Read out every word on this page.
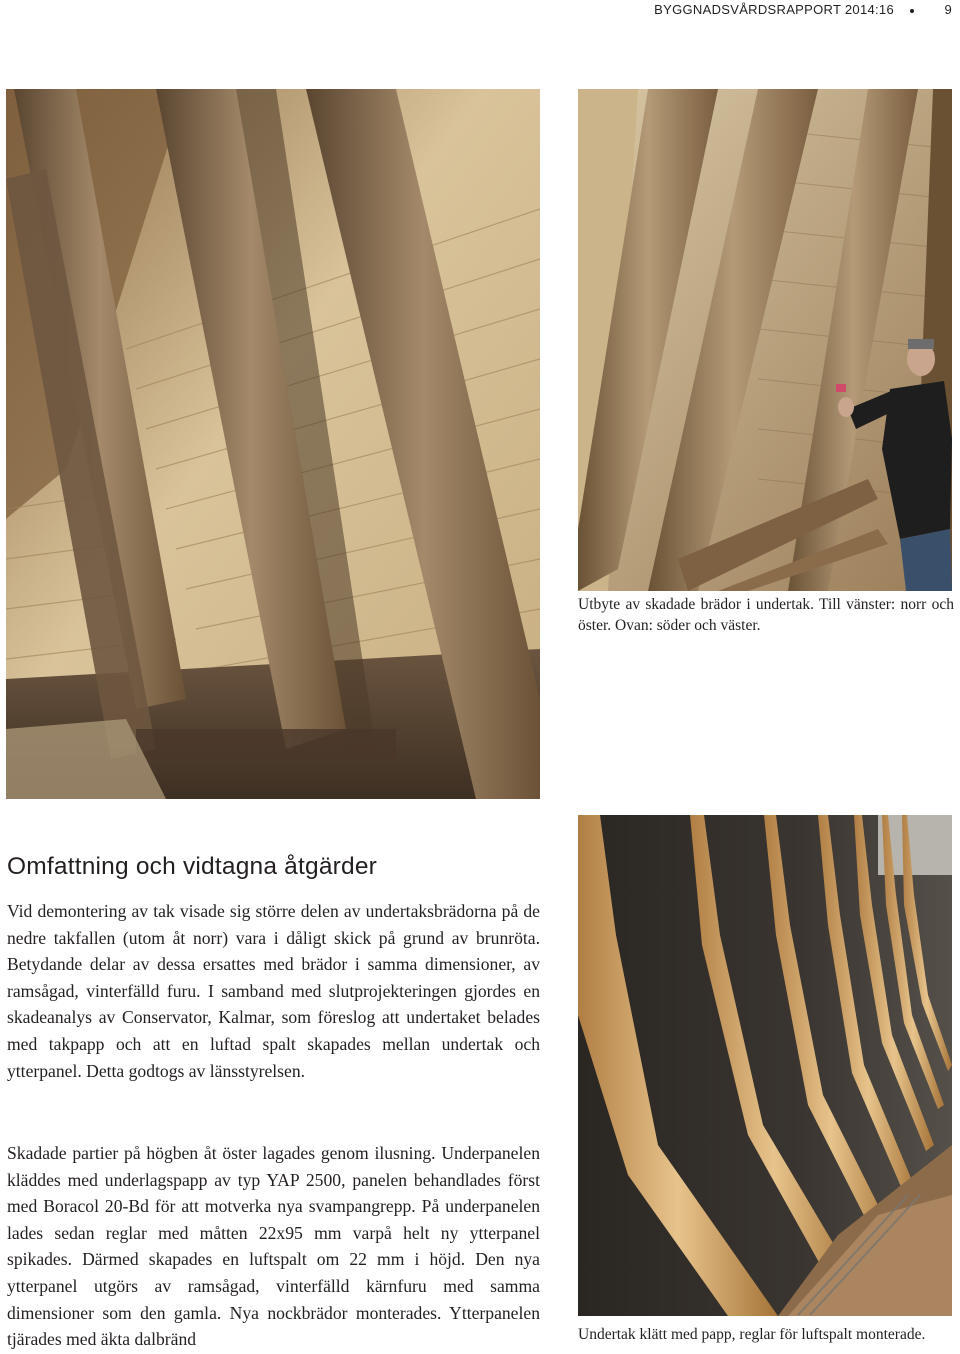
BYGGNADSVÅRDSRAPPORT 2014:16	9

Utbyte av skadade brädor i undertak. Till vänster: norr och öster. Ovan: söder och väster.

Omfattning och vidtagna åtgärder

Vid demontering av tak visade sig större delen av undertaksbrädorna på de nedre takfallen (utom åt norr) vara i dåligt skick på grund av brunröta. Betydande delar av dessa ersattes med brädor i samma dimensioner, av ramsågad, vinterfälld furu. I samband med slutprojekteringen gjordes en skadeanalys av Conservator, Kalmar, som föreslog att undertaket belades med takpapp och att en luftad spalt skapades mellan undertak och ytterpanel. Detta godtogs av länsstyrelsen.

Skadade partier på högben åt öster lagades genom ilusning. Underpanelen kläddes med underlagspapp av typ YAP 2500, panelen behandlades först med Boracol 20-Bd för att motverka nya svampangrepp. På underpanelen lades sedan reglar med måtten 22x95 mm varpå helt ny ytterpanel spikades. Därmed skapades en luftspalt om 22 mm i höjd. Den nya ytterpanel utgörs av ramsågad, vinterfälld kärnfuru med samma dimensioner som den gamla. Nya nockbrädor monterades. Ytterpanelen tjärades med äkta dalbränd	Undertak klätt med papp, reglar för luftspalt monterade.
